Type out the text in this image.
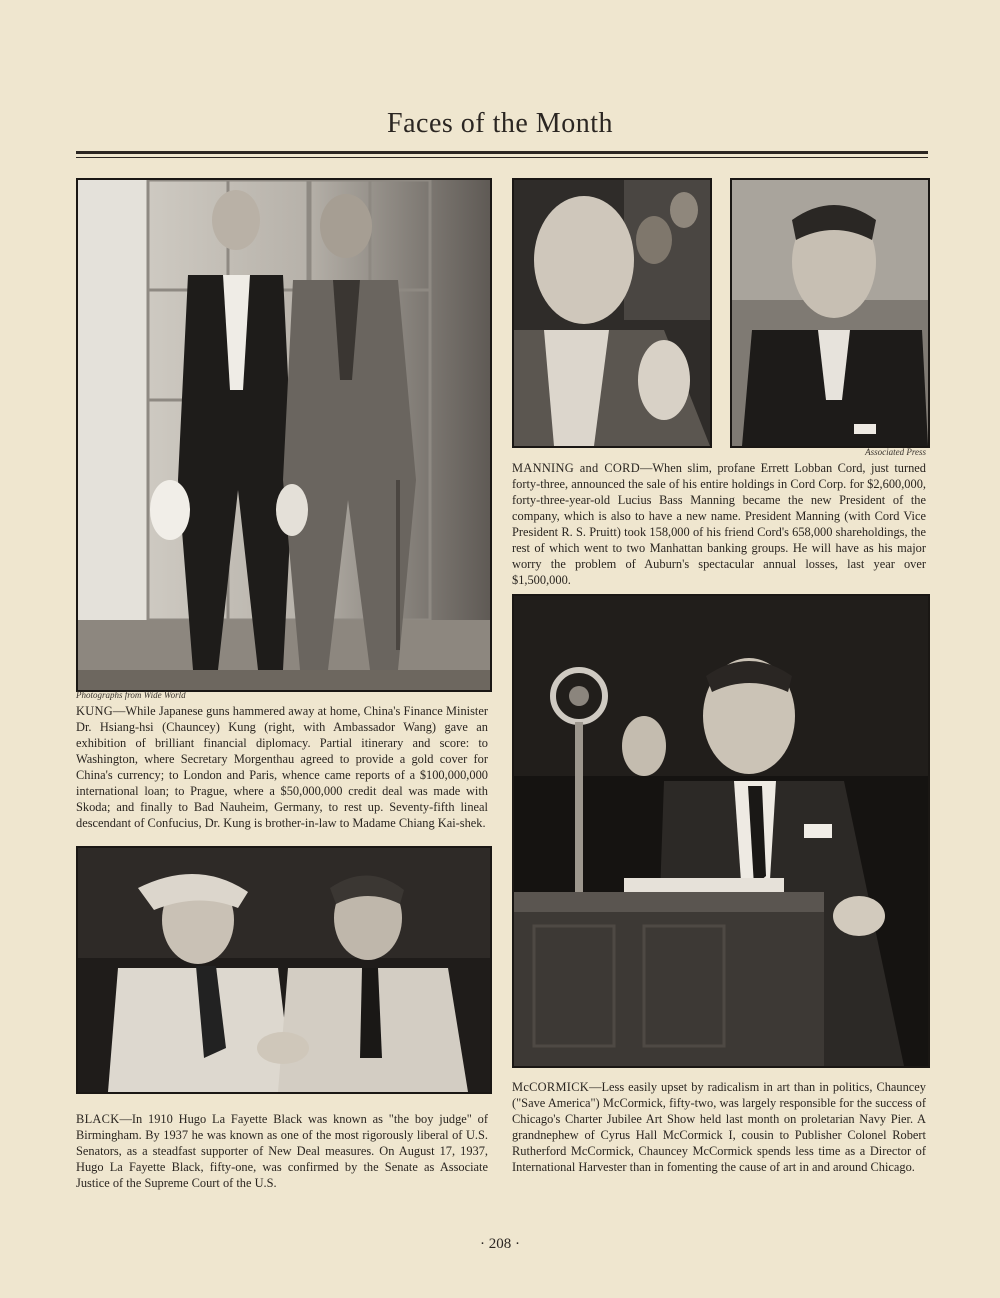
Faces of the Month

Photographs from Wide World

KUNG—While Japanese guns hammered away at home, China's Finance Minister Dr. Hsiang-hsi (Chauncey) Kung (right, with Ambassador Wang) gave an exhibition of brilliant financial diplomacy. Partial itinerary and score: to Washington, where Secretary Morgenthau agreed to provide a gold cover for China's currency; to London and Paris, whence came reports of a $100,000,000 international loan; to Prague, where a $50,000,000 credit deal was made with Skoda; and finally to Bad Nauheim, Germany, to rest up. Seventy-fifth lineal descendant of Confucius, Dr. Kung is brother-in-law to Madame Chiang Kai-shek.

Associated Press

MANNING and CORD—When slim, profane Errett Lobban Cord, just turned forty-three, announced the sale of his entire holdings in Cord Corp. for $2,600,000, forty-three-year-old Lucius Bass Manning became the new President of the company, which is also to have a new name. President Manning (with Cord Vice President R. S. Pruitt) took 158,000 of his friend Cord's 658,000 shareholdings, the rest of which went to two Manhattan banking groups. He will have as his major worry the problem of Auburn's spectacular annual losses, last year over $1,500,000.

BLACK—In 1910 Hugo La Fayette Black was known as "the boy judge" of Birmingham. By 1937 he was known as one of the most rigorously liberal of U.S. Senators, as a steadfast supporter of New Deal measures. On August 17, 1937, Hugo La Fayette Black, fifty-one, was confirmed by the Senate as Associate Justice of the Supreme Court of the U.S.

McCORMICK—Less easily upset by radicalism in art than in politics, Chauncey ("Save America") McCormick, fifty-two, was largely responsible for the success of Chicago's Charter Jubilee Art Show held last month on proletarian Navy Pier. A grandnephew of Cyrus Hall McCormick I, cousin to Publisher Colonel Robert Rutherford McCormick, Chauncey McCormick spends less time as a Director of International Harvester than in fomenting the cause of art in and around Chicago.

· 208 ·
